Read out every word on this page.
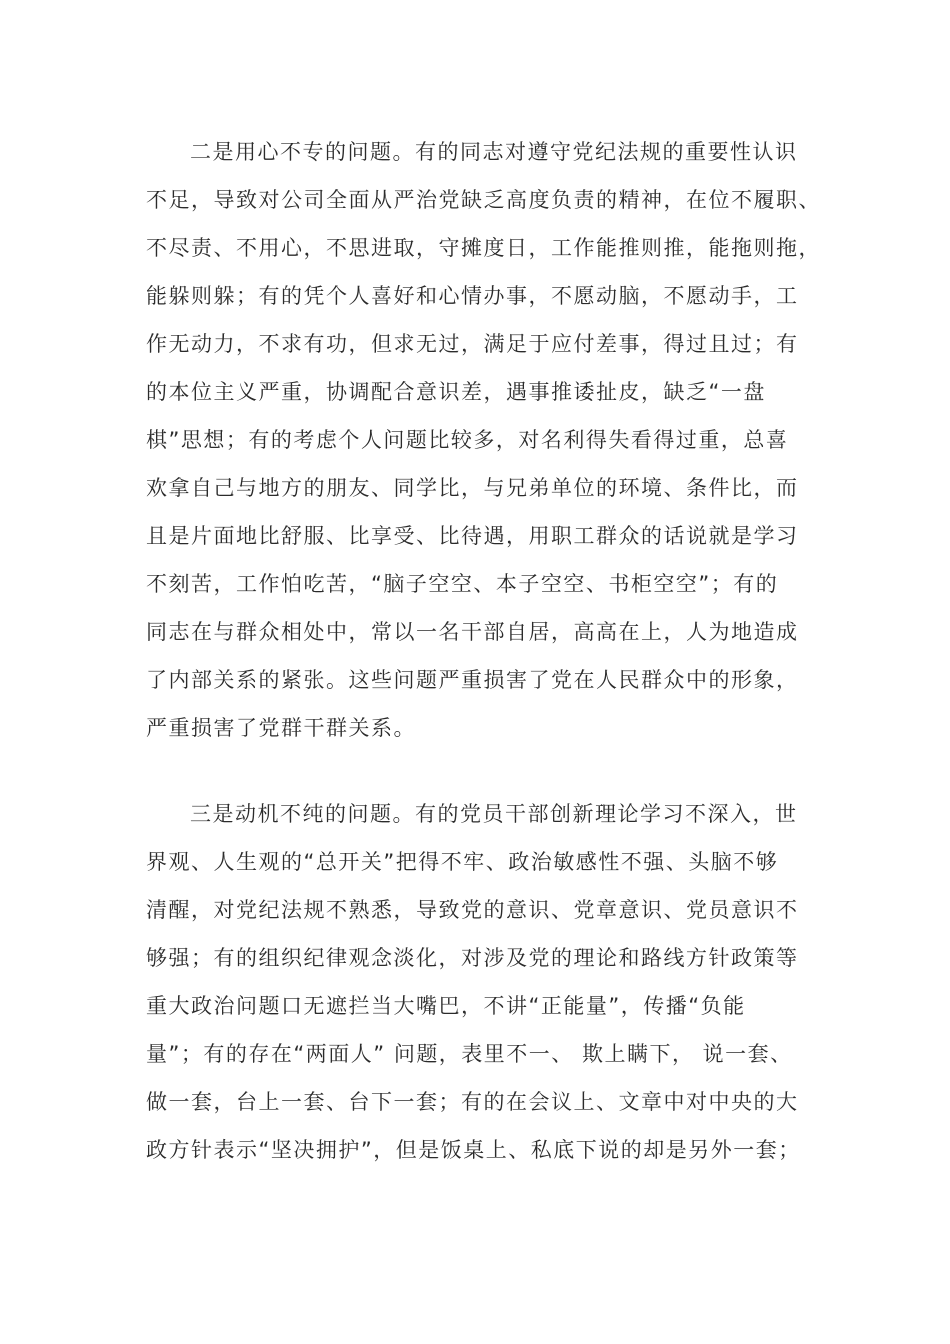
二是用心不专的问题。有的同志对遵守党纪法规的重要性认识
不足，导致对公司全面从严治党缺乏高度负责的精神，在位不履职、
不尽责、不用心，不思进取，守摊度日，工作能推则推，能拖则拖，
能躲则躲；有的凭个人喜好和心情办事，不愿动脑，不愿动手，工
作无动力，不求有功，但求无过，满足于应付差事，得过且过；有
的本位主义严重，协调配合意识差，遇事推诿扯皮，缺乏“一盘
棋”思想；有的考虑个人问题比较多，对名利得失看得过重，总喜
欢拿自己与地方的朋友、同学比，与兄弟单位的环境、条件比，而
且是片面地比舒服、比享受、比待遇，用职工群众的话说就是学习
不刻苦，工作怕吃苦，“脑子空空、本子空空、书柜空空”；有的
同志在与群众相处中，常以一名干部自居，高高在上，人为地造成
了内部关系的紧张。这些问题严重损害了党在人民群众中的形象，
严重损害了党群干群关系。
三是动机不纯的问题。有的党员干部创新理论学习不深入，世
界观、人生观的“总开关”把得不牢、政治敏感性不强、头脑不够
清醒，对党纪法规不熟悉，导致党的意识、党章意识、党员意识不
够强；有的组织纪律观念淡化，对涉及党的理论和路线方针政策等
重大政治问题口无遮拦当大嘴巴，不讲“正能量”，传播“负能
量”；有的存在“两面人” 问题，表里不一、 欺上瞒下， 说一套、
做一套，台上一套、台下一套；有的在会议上、文章中对中央的大
政方针表示“坚决拥护”，但是饭桌上、私底下说的却是另外一套；
